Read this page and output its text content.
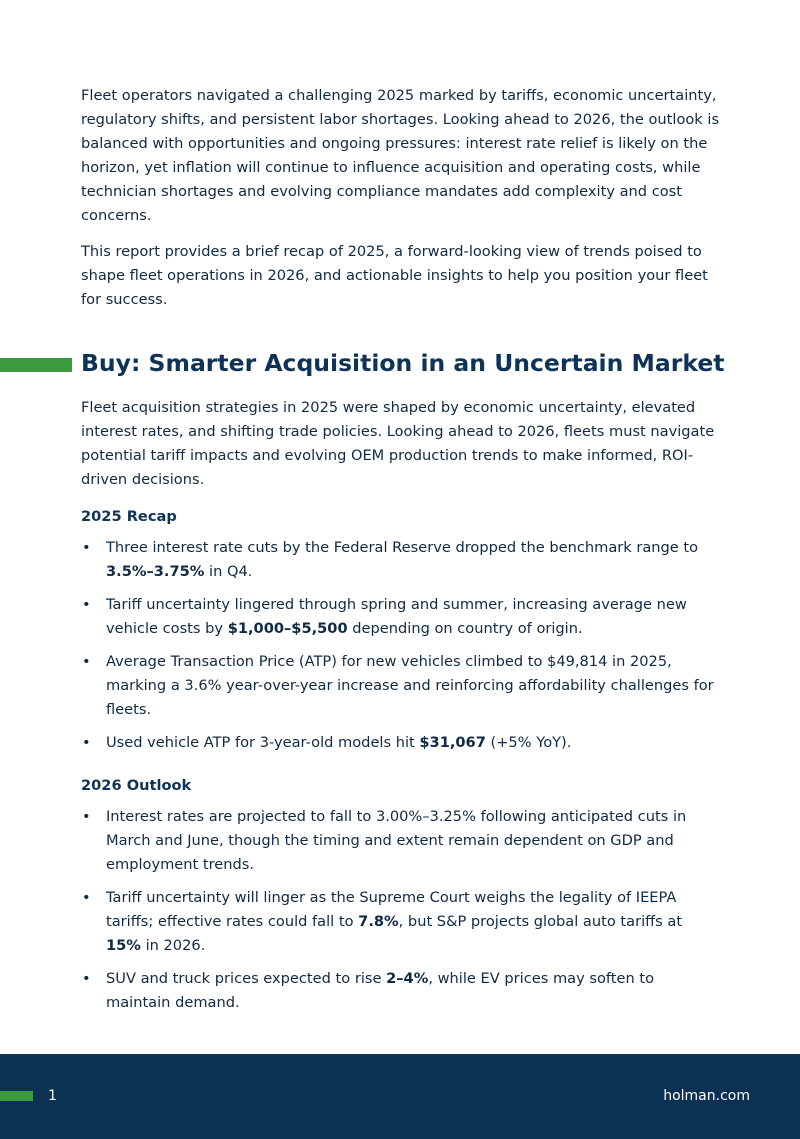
Fleet operators navigated a challenging 2025 marked by tariffs, economic uncertainty, regulatory shifts, and persistent labor shortages. Looking ahead to 2026, the outlook is balanced with opportunities and ongoing pressures: interest rate relief is likely on the horizon, yet inflation will continue to influence acquisition and operating costs, while technician shortages and evolving compliance mandates add complexity and cost concerns.

This report provides a brief recap of 2025, a forward-looking view of trends poised to shape fleet operations in 2026, and actionable insights to help you position your fleet for success.

Buy: Smarter Acquisition in an Uncertain Market

Fleet acquisition strategies in 2025 were shaped by economic uncertainty, elevated interest rates, and shifting trade policies. Looking ahead to 2026, fleets must navigate potential tariff impacts and evolving OEM production trends to make informed, ROI-driven decisions.

2025 Recap
• Three interest rate cuts by the Federal Reserve dropped the benchmark range to 3.5%–3.75% in Q4.
• Tariff uncertainty lingered through spring and summer, increasing average new vehicle costs by $1,000–$5,500 depending on country of origin.
• Average Transaction Price (ATP) for new vehicles climbed to $49,814 in 2025, marking a 3.6% year-over-year increase and reinforcing affordability challenges for fleets.
• Used vehicle ATP for 3-year-old models hit $31,067 (+5% YoY).
2026 Outlook
• Interest rates are projected to fall to 3.00%–3.25% following anticipated cuts in March and June, though the timing and extent remain dependent on GDP and employment trends.
• Tariff uncertainty will linger as the Supreme Court weighs the legality of IEEPA tariffs; effective rates could fall to 7.8%, but S&P projects global auto tariffs at 15% in 2026.
• SUV and truck prices expected to rise 2–4%, while EV prices may soften to maintain demand.
1	holman.com
